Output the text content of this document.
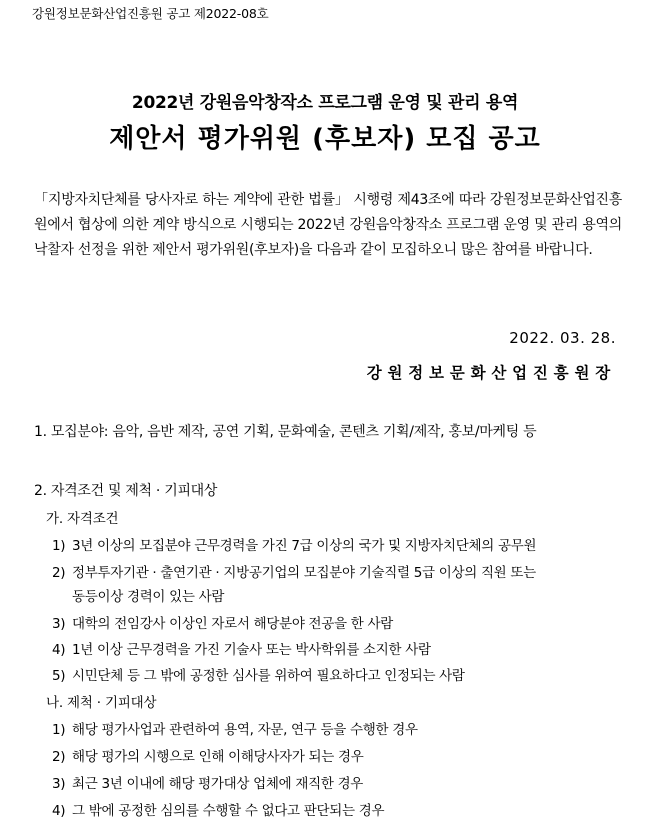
강원정보문화산업진흥원 공고 제2022-08호
2022년 강원음악창작소 프로그램 운영 및 관리 용역
제안서 평가위원 (후보자) 모집 공고
「지방자치단체를 당사자로 하는 계약에 관한 법률」 시행령 제43조에 따라 강원정보문화산업진흥원에서 협상에 의한 계약 방식으로 시행되는 2022년 강원음악창작소 프로그램 운영 및 관리 용역의 낙찰자 선정을 위한 제안서 평가위원(후보자)을 다음과 같이 모집하오니 많은 참여를 바랍니다.
2022. 03. 28.
강원정보문화산업진흥원장
1. 모집분야: 음악, 음반 제작, 공연 기획, 문화예술, 콘텐츠 기획/제작, 홍보/마케팅 등
2. 자격조건 및 제척 · 기피대상
가. 자격조건
1) 3년 이상의 모집분야 근무경력을 가진 7급 이상의 국가 및 지방자치단체의 공무원
2) 정부투자기관 · 출연기관 · 지방공기업의 모집분야 기술직렬 5급 이상의 직원 또는
동등이상 경력이 있는 사람
3) 대학의 전임강사 이상인 자로서 해당분야 전공을 한 사람
4) 1년 이상 근무경력을 가진 기술사 또는 박사학위를 소지한 사람
5) 시민단체 등 그 밖에 공정한 심사를 위하여 필요하다고 인정되는 사람
나. 제척 · 기피대상
1) 해당 평가사업과 관련하여 용역, 자문, 연구 등을 수행한 경우
2) 해당 평가의 시행으로 인해 이해당사자가 되는 경우
3) 최근 3년 이내에 해당 평가대상 업체에 재직한 경우
4) 그 밖에 공정한 심의를 수행할 수 없다고 판단되는 경우
